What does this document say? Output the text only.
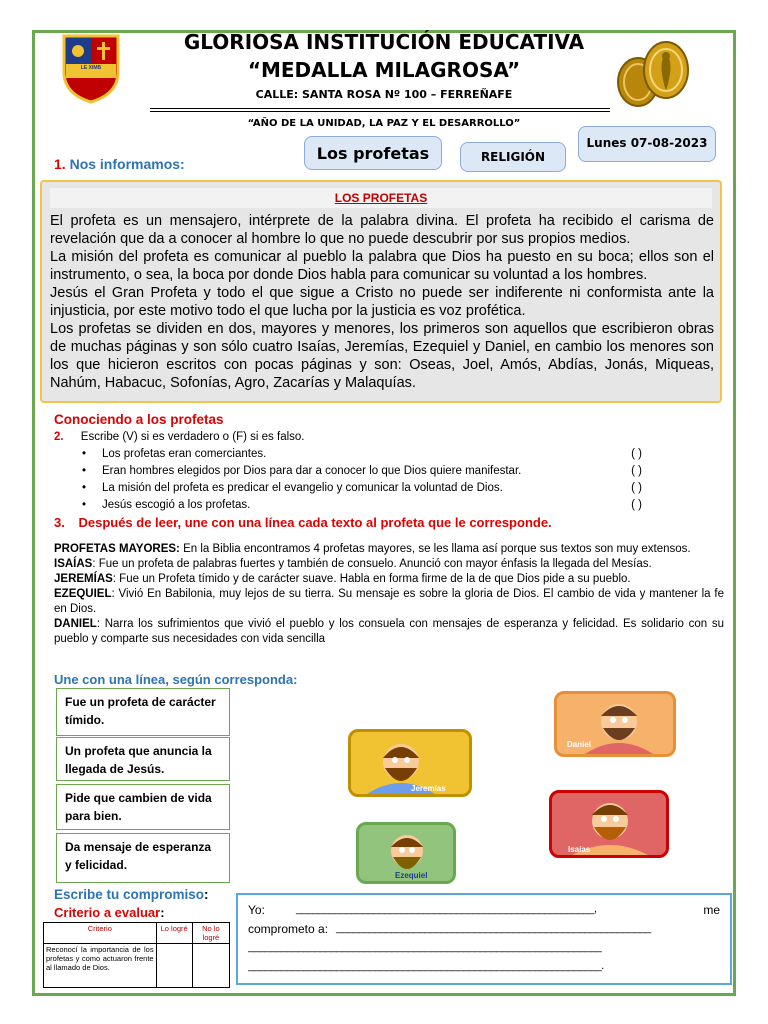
LE XIMB
GLORIOSA INSTITUCIÓN EDUCATIVA
“MEDALLA MILAGROSA”
CALLE: SANTA ROSA Nº 100 – FERREÑAFE
“AÑO DE LA UNIDAD, LA PAZ Y EL DESARROLLO”
Los profetas	RELIGIÓN
Lunes 07-08-2023
1. Nos informamos:
LOS PROFETAS

El profeta es un mensajero, intérprete de la palabra divina. El profeta ha recibido el carisma de revelación que da a conocer al hombre lo que no puede descubrir por sus propios medios.

La misión del profeta es comunicar al pueblo la palabra que Dios ha puesto en su boca; ellos son el instrumento, o sea, la boca por donde Dios habla para comunicar su voluntad a los hombres.

Jesús el Gran Profeta y todo el que sigue a Cristo no puede ser indiferente ni conformista ante la injusticia, por este motivo todo el que lucha por la justicia es voz profética.

Los profetas se dividen en dos, mayores y menores, los primeros son aquellos que escribieron obras de muchas páginas y son sólo cuatro Isaías, Jeremías, Ezequiel y Daniel, en cambio los menores son los que hicieron escritos con pocas páginas y son: Oseas, Joel, Amós, Abdías, Jonás, Miqueas, Nahúm, Habacuc, Sofonías, Agro, Zacarías y Malaquías.

Conociendo a los profetas
2. Escribe (V) si es verdadero o (F) si es falso.
• Los profetas eran comerciantes.	( )
• Eran hombres elegidos por Dios para dar a conocer lo que Dios quiere manifestar.	( )
• La misión del profeta es predicar el evangelio y comunicar la voluntad de Dios.	( )
• Jesús escogió a los profetas.	( )
3. Después de leer, une con una línea cada texto al profeta que le corresponde.

PROFETAS MAYORES: En la Biblia encontramos 4 profetas mayores, se les llama así porque sus textos son muy extensos.

ISAÍAS: Fue un profeta de palabras fuertes y también de consuelo. Anunció con mayor énfasis la llegada del Mesías.

JEREMÍAS: Fue un Profeta tímido y de carácter suave. Habla en forma firme de la de que Dios pide a su pueblo.

EZEQUIEL: Vivió En Babilonia, muy lejos de su tierra. Su mensaje es sobre la gloria de Dios. El cambio de vida y mantener la fe en Dios.

DANIEL: Narra los sufrimientos que vivió el pueblo y los consuela con mensajes de esperanza y felicidad. Es solidario con su pueblo y comparte sus necesidades con vida sencilla

Une con una línea, según corresponda:
Fue un profeta de carácter tímido.
Un profeta que anuncia la llegada de Jesús.
Pide que cambien de vida para bien.
Da mensaje de esperanza y felicidad.
Daniel
Jeremías
Isaías
Ezequiel
Escribe tu compromiso:
Criterio a evaluar:	Yo:	______________________________________________________,	me
comprometo a: _________________________________________________________
________________________________________________________________
________________________________________________________________.
Criterio	Lo logré	No lo logré
Reconocí la importancia de los profetas y como actuaron frente al llamado de Dios.		
